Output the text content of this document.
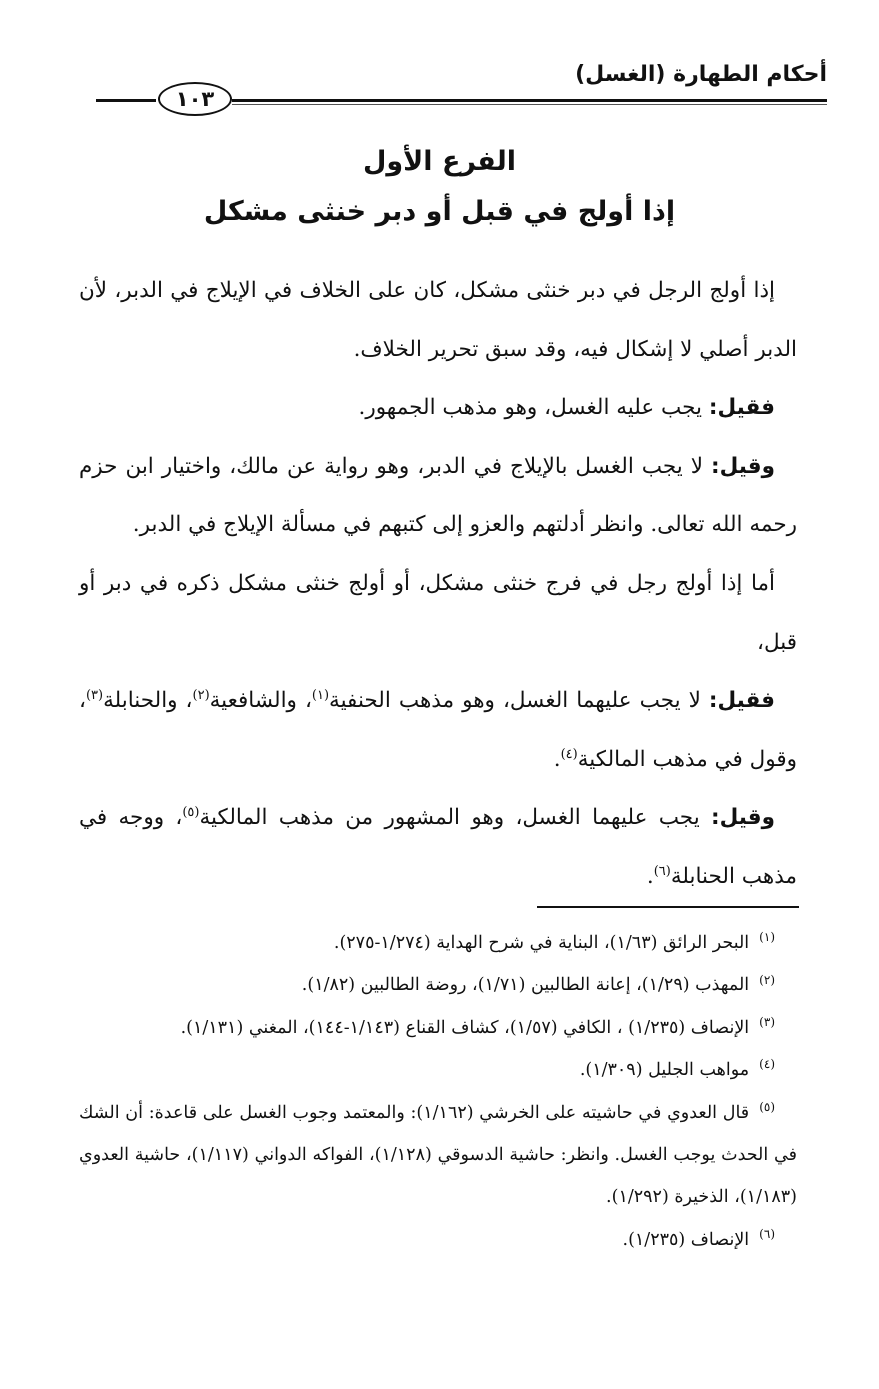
أحكام الطهارة (الغسل)
١٠٣
الفرع الأول
إذا أولج في قبل أو دبر خنثى مشكل

إذا أولج الرجل في دبر خنثى مشكل، كان على الخلاف في الإيلاج في الدبر، لأن الدبر أصلي لا إشكال فيه، وقد سبق تحرير الخلاف.

فقيل: يجب عليه الغسل، وهو مذهب الجمهور.

وقيل: لا يجب الغسل بالإيلاج في الدبر، وهو رواية عن مالك، واختيار ابن حزم رحمه الله تعالى. وانظر أدلتهم والعزو إلى كتبهم في مسألة الإيلاج في الدبر.

أما إذا أولج رجل في فرج خنثى مشكل، أو أولج خنثى مشكل ذكره في دبر أو قبل،

فقيل: لا يجب عليهما الغسل، وهو مذهب الحنفية$^{(١)}$، والشافعية$^{(٢)}$، والحنابلة$^{(٣)}$، وقول في مذهب المالكية$^{(٤)}$.

وقيل: يجب عليهما الغسل، وهو المشهور من مذهب المالكية$^{(٥)}$، ووجه في مذهب الحنابلة$^{(٦)}$.

$^{(١)}$البحر الرائق (١/٦٣)، البناية في شرح الهداية (١/٢٧٤-٢٧٥).

$^{(٢)}$المهذب (١/٢٩)، إعانة الطالبين (١/٧١)، روضة الطالبين (١/٨٢).

$^{(٣)}$الإنصاف (١/٢٣٥) ، الكافي (١/٥٧)، كشاف القناع (١/١٤٣-١٤٤)، المغني (١/١٣١).

$^{(٤)}$مواهب الجليل (١/٣٠٩).

$^{(٥)}$قال العدوي في حاشيته على الخرشي (١/١٦٢): والمعتمد وجوب الغسل على قاعدة: أن الشك في الحدث يوجب الغسل. وانظر: حاشية الدسوقي (١/١٢٨)، الفواكه الدواني (١/١١٧)، حاشية العدوي (١/١٨٣)، الذخيرة (١/٢٩٢).

$^{(٦)}$الإنصاف (١/٢٣٥).
